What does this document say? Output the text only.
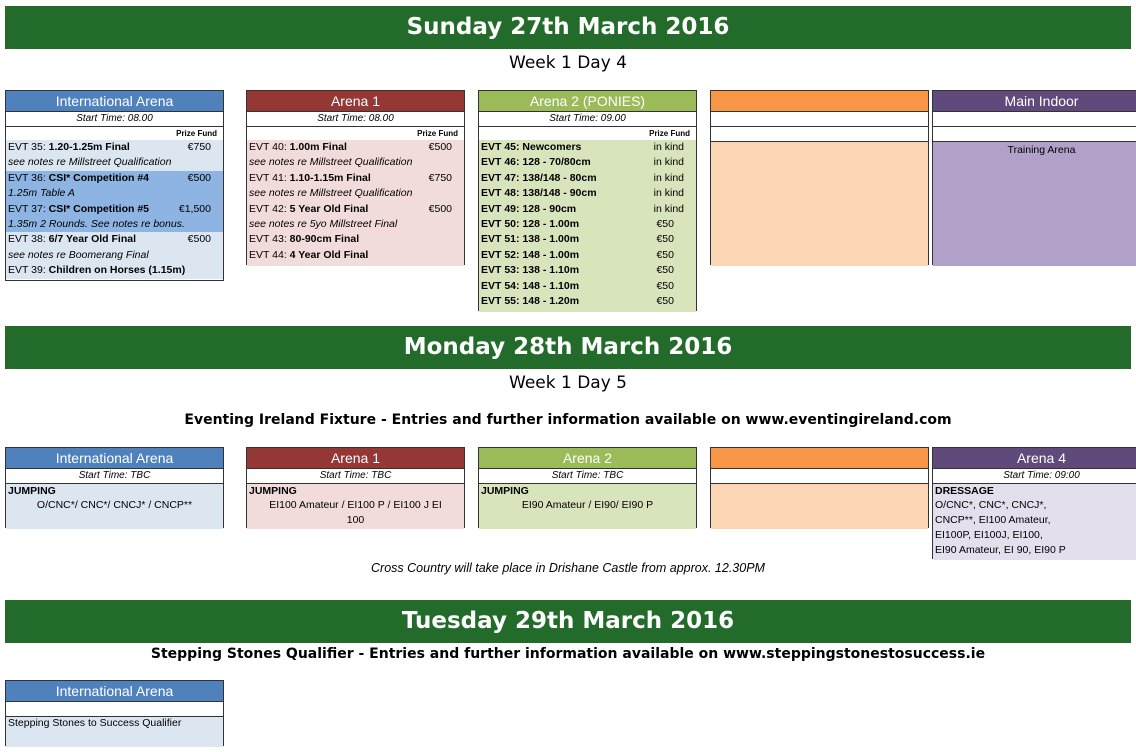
Sunday 27th March 2016
Week 1 Day 4
International Arena
Start Time: 08.00
Prize Fund
EVT 35: 1.20-1.25m Final	€750
see notes re Millstreet Qualification
EVT 36: CSI* Competition #4	€500
1.25m Table A
EVT 37: CSI* Competition #5	€1,500
1.35m 2 Rounds. See notes re bonus.
EVT 38: 6/7 Year Old Final	€500
see notes re Boomerang Final
EVT 39: Children on Horses (1.15m)
Arena 1
Start Time: 08.00
Prize Fund
EVT 40: 1.00m Final	€500
see notes re Millstreet Qualification
EVT 41: 1.10-1.15m Final	€750
see notes re Millstreet Qualification
EVT 42: 5 Year Old Final	€500
see notes re 5yo Millstreet Final
EVT 43: 80-90cm Final
EVT 44: 4 Year Old Final
Arena 2 (PONIES)
Start Time: 09.00
Prize Fund
EVT 45: Newcomers	in kind
EVT 46: 128 - 70/80cm	in kind
EVT 47: 138/148 - 80cm	in kind
EVT 48: 138/148 - 90cm	in kind
EVT 49: 128 - 90cm	in kind
EVT 50: 128 - 1.00m	€50
EVT 51: 138 - 1.00m	€50
EVT 52: 148 - 1.00m	€50
EVT 53: 138 - 1.10m	€50
EVT 54: 148 - 1.10m	€50
EVT 55: 148 - 1.20m	€50
Main Indoor
Training Arena
Monday 28th March 2016
Week 1 Day 5
Eventing Ireland Fixture - Entries and further information available on www.eventingireland.com
International Arena
Start Time: TBC
JUMPING
O/CNC*/ CNC*/ CNCJ* / CNCP**
Arena 1
Start Time: TBC
JUMPING
EI100 Amateur / EI100 P / EI100 J EI 100
Arena 2
Start Time: TBC
JUMPING
EI90 Amateur / EI90/ EI90 P
Arena 4
Start Time: 09:00
DRESSAGE
O/CNC*, CNC*, CNCJ*,
CNCP**, EI100 Amateur,
EI100P, EI100J, EI100,
EI90 Amateur, EI 90, EI90 P
Cross Country will take place in Drishane Castle from approx. 12.30PM
Tuesday 29th March 2016
Stepping Stones Qualifier - Entries and further information available on www.steppingstonestosuccess.ie
International Arena
Stepping Stones to Success Qualifier
